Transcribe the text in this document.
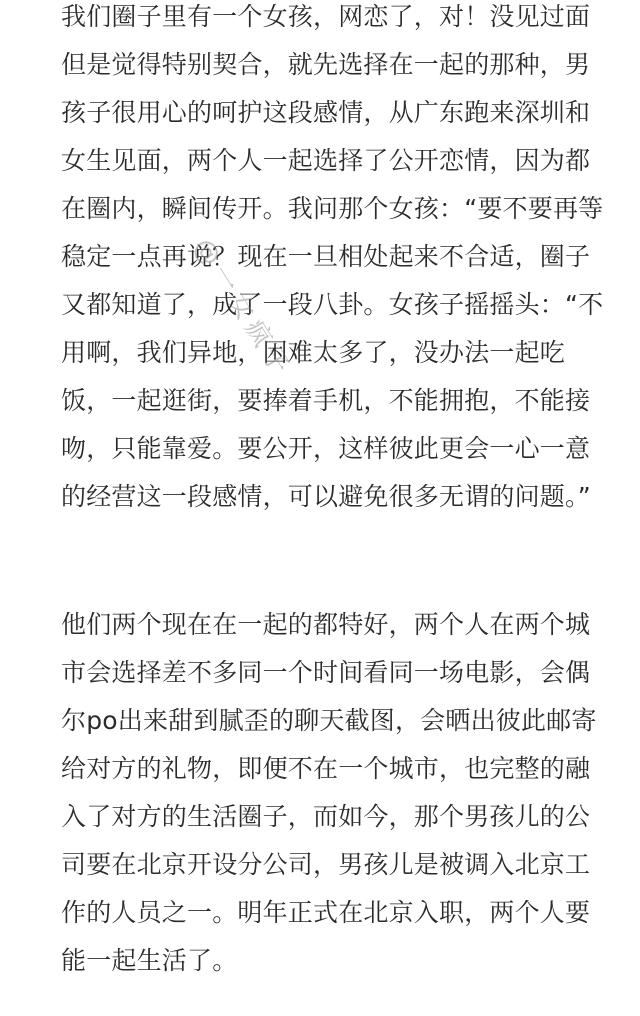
我们圈子里有一个女孩，网恋了，对！没见过面
但是觉得特别契合，就先选择在一起的那种，男
孩子很用心的呵护这段感情，从广东跑来深圳和
女生见面，两个人一起选择了公开恋情，因为都
在圈内，瞬间传开。我问那个女孩：“要不要再等
稳定一点再说？现在一旦相处起来不合适，圈子
又都知道了，成了一段八卦。女孩子摇摇头：“不
用啊，我们异地，困难太多了，没办法一起吃
饭，一起逛街，要捧着手机，不能拥抱，不能接
吻，只能靠爱。要公开，这样彼此更会一心一意
的经营这一段感情，可以避免很多无谓的问题。”
他们两个现在在一起的都特好，两个人在两个城
市会选择差不多同一个时间看同一场电影，会偶
尔po出来甜到腻歪的聊天截图，会晒出彼此邮寄
给对方的礼物，即便不在一个城市，也完整的融
入了对方的生活圈子，而如今，那个男孩儿的公
司要在北京开设分公司，男孩儿是被调入北京工
作的人员之一。明年正式在北京入职，两个人要
能一起生活了。
@一女疯子
